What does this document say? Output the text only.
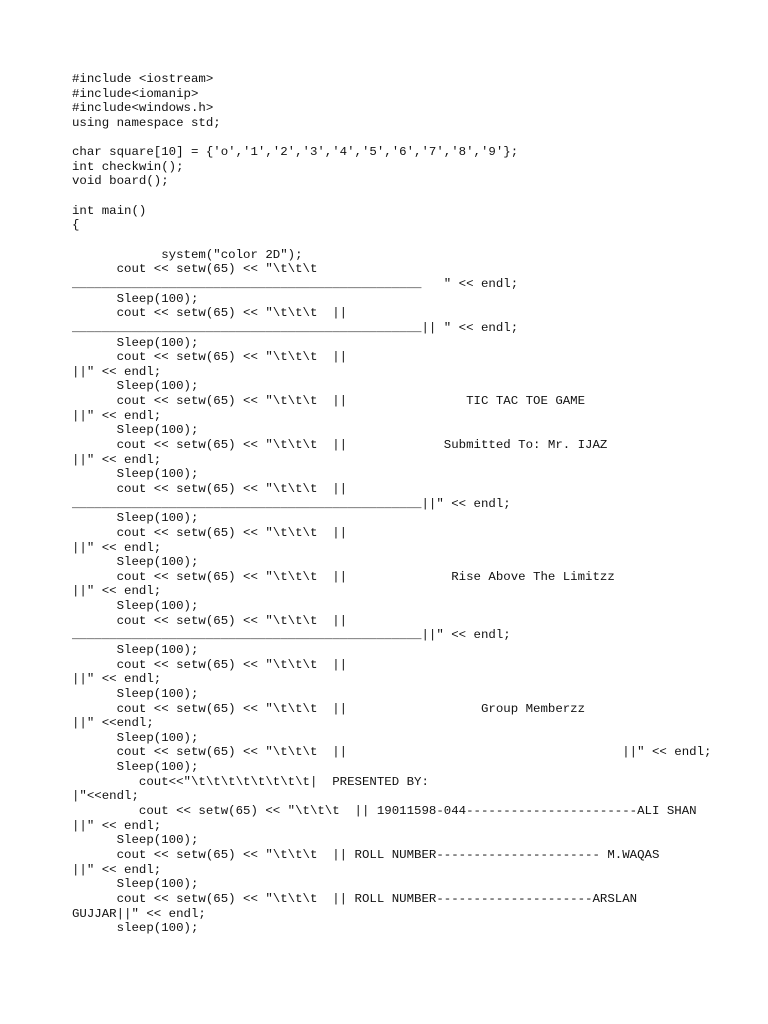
#include <iostream>
#include<iomanip>
#include<windows.h>
using namespace std;
char square[10] = {'o','1','2','3','4','5','6','7','8','9'};
int checkwin();
void board();
int main()
{
system("color 2D");
cout << setw(65) << "\t\t\t
_______________________________________________   " << endl;
Sleep(100);
cout << setw(65) << "\t\t\t  ||
_______________________________________________|| " << endl;
Sleep(100);
cout << setw(65) << "\t\t\t  ||
||" << endl;
Sleep(100);
cout << setw(65) << "\t\t\t  ||                TIC TAC TOE GAME
||" << endl;
Sleep(100);
cout << setw(65) << "\t\t\t  ||             Submitted To: Mr. IJAZ
||" << endl;
Sleep(100);
cout << setw(65) << "\t\t\t  ||
_______________________________________________||" << endl;
Sleep(100);
cout << setw(65) << "\t\t\t  ||
||" << endl;
Sleep(100);
cout << setw(65) << "\t\t\t  ||              Rise Above The Limitzz
||" << endl;
Sleep(100);
cout << setw(65) << "\t\t\t  ||
_______________________________________________||" << endl;
Sleep(100);
cout << setw(65) << "\t\t\t  ||
||" << endl;
Sleep(100);
cout << setw(65) << "\t\t\t  ||                  Group Memberzz
||" <<endl;
Sleep(100);
cout << setw(65) << "\t\t\t  ||                                     ||" << endl;
Sleep(100);
cout<<"\t\t\t\t\t\t\t\t|  PRESENTED BY:
|"<<endl;
cout << setw(65) << "\t\t\t  || 19011598-044-----------------------ALI SHAN
||" << endl;
Sleep(100);
cout << setw(65) << "\t\t\t  || ROLL NUMBER---------------------- M.WAQAS
||" << endl;
Sleep(100);
cout << setw(65) << "\t\t\t  || ROLL NUMBER---------------------ARSLAN
GUJJAR||" << endl;
sleep(100);
